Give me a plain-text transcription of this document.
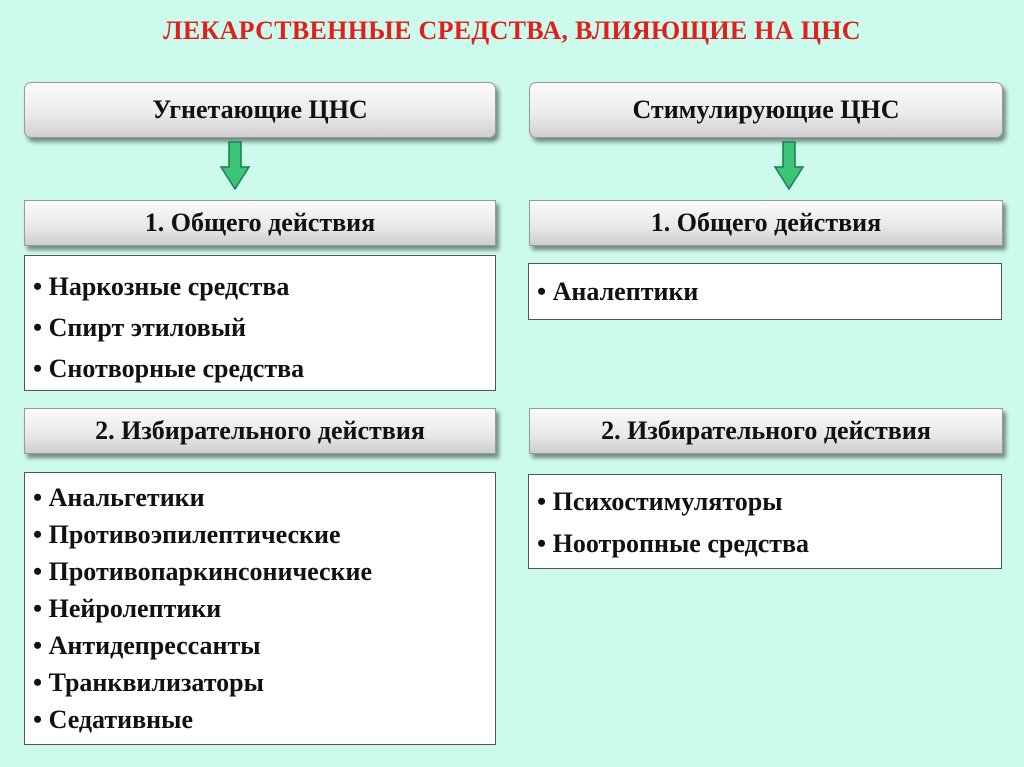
ЛЕКАРСТВЕННЫЕ СРЕДСТВА, ВЛИЯЮЩИЕ НА ЦНС
Угнетающие ЦНС
1. Общего действия
• Наркозные средства
• Спирт этиловый
• Снотворные средства
2. Избирательного действия
• Анальгетики
• Противоэпилептические
• Противопаркинсонические
• Нейролептики
• Антидепрессанты
• Транквилизаторы
• Седативные
Стимулирующие ЦНС
1. Общего действия
• Аналептики
2. Избирательного действия
• Психостимуляторы
• Ноотропные средства
